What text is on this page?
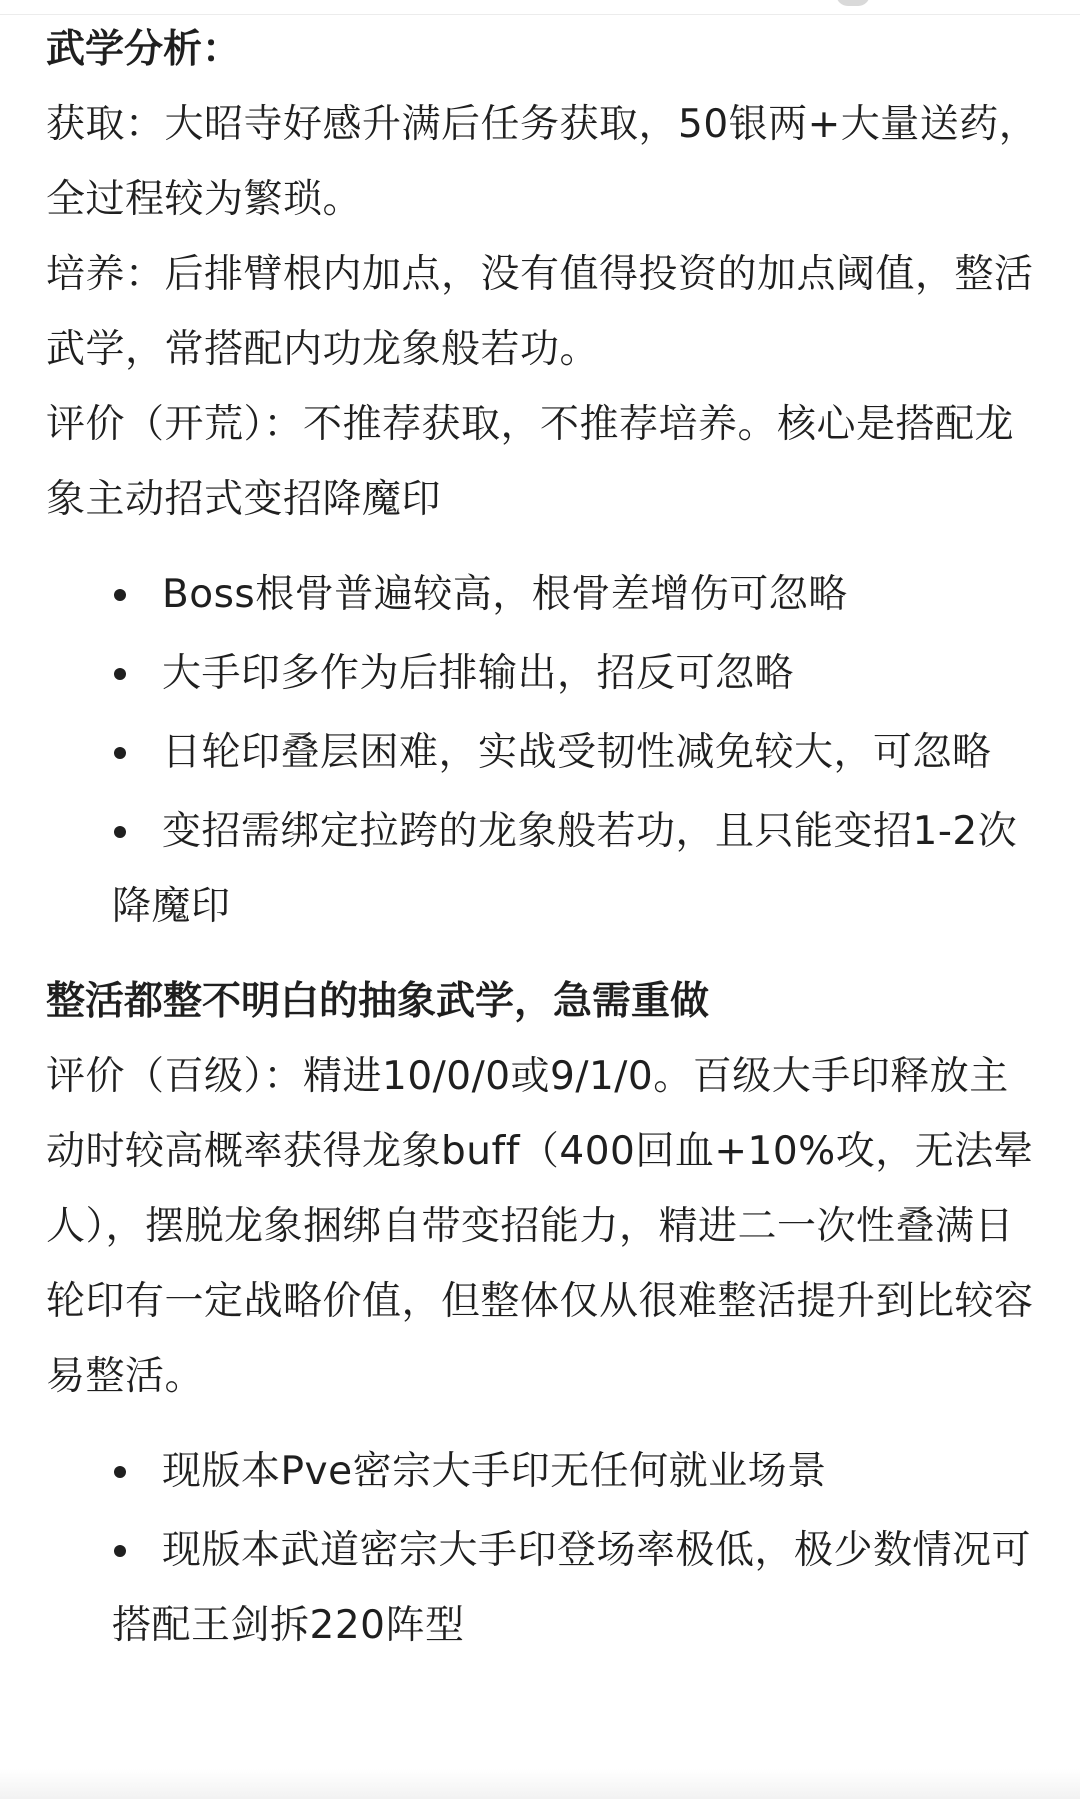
武学分析：

获取：大昭寺好感升满后任务获取，50银两+大量送药，全过程较为繁琐。

培养：后排臂根内加点，没有值得投资的加点阈值，整活武学，常搭配内功龙象般若功。

评价（开荒）：不推荐获取，不推荐培养。核心是搭配龙象主动招式变招降魔印

Boss根骨普遍较高，根骨差增伤可忽略
大手印多作为后排输出，招反可忽略
日轮印叠层困难，实战受韧性减免较大，可忽略
变招需绑定拉跨的龙象般若功，且只能变招1-2次降魔印

整活都整不明白的抽象武学，急需重做

评价（百级）：精进10/0/0或9/1/0。百级大手印释放主动时较高概率获得龙象buff（400回血+10%攻，无法晕人），摆脱龙象捆绑自带变招能力，精进二一次性叠满日轮印有一定战略价值，但整体仅从很难整活提升到比较容易整活。

现版本Pve密宗大手印无任何就业场景
现版本武道密宗大手印登场率极低，极少数情况可搭配王剑拆220阵型
